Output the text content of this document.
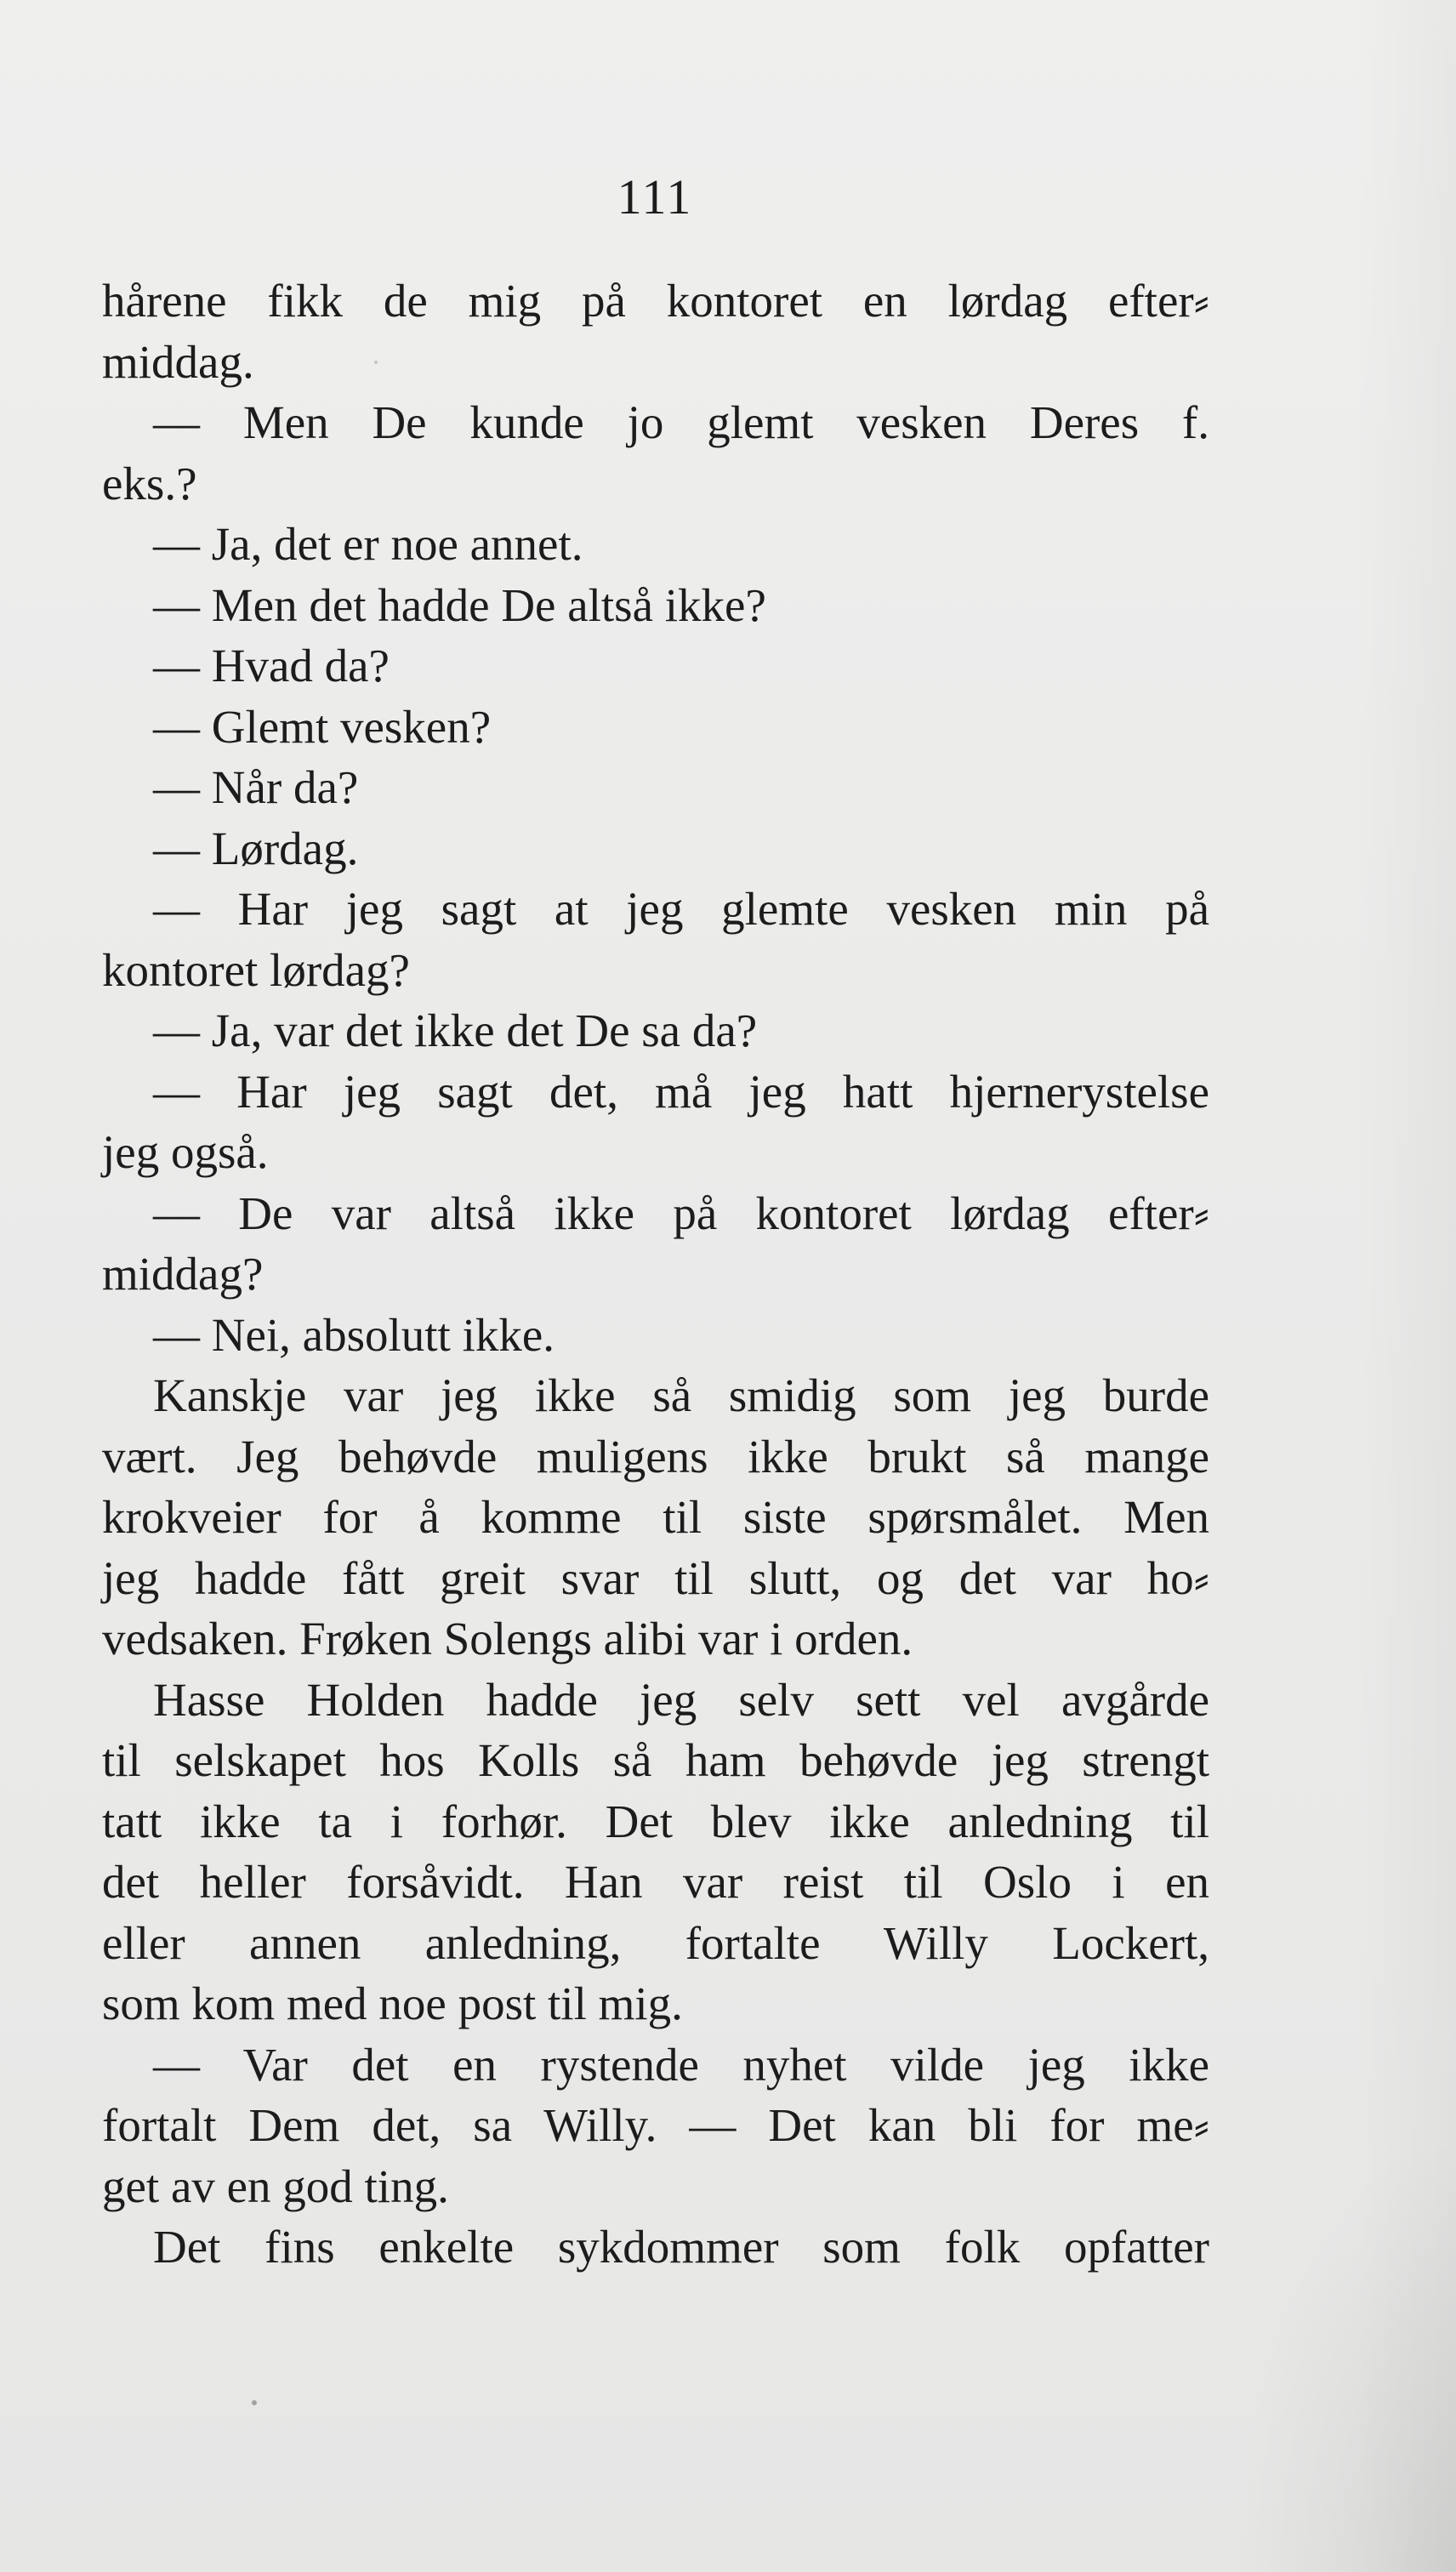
111
hårene fikk de mig på kontoret en lørdag efter⸗
middag.
— Men De kunde jo glemt vesken Deres f.
eks.?
— Ja, det er noe annet.
— Men det hadde De altså ikke?
— Hvad da?
— Glemt vesken?
— Når da?
— Lørdag.
— Har jeg sagt at jeg glemte vesken min på
kontoret lørdag?
— Ja, var det ikke det De sa da?
— Har jeg sagt det, må jeg hatt hjernerystelse
jeg også.
— De var altså ikke på kontoret lørdag efter⸗
middag?
— Nei, absolutt ikke.
Kanskje var jeg ikke så smidig som jeg burde
vært. Jeg behøvde muligens ikke brukt så mange
krokveier for å komme til siste spørsmålet. Men
jeg hadde fått greit svar til slutt, og det var ho⸗
vedsaken. Frøken Solengs alibi var i orden.
Hasse Holden hadde jeg selv sett vel avgårde
til selskapet hos Kolls så ham behøvde jeg strengt
tatt ikke ta i forhør. Det blev ikke anledning til
det heller forsåvidt. Han var reist til Oslo i en
eller annen anledning, fortalte Willy Lockert,
som kom med noe post til mig.
— Var det en rystende nyhet vilde jeg ikke
fortalt Dem det, sa Willy. — Det kan bli for me⸗
get av en god ting.
Det fins enkelte sykdommer som folk opfatter
